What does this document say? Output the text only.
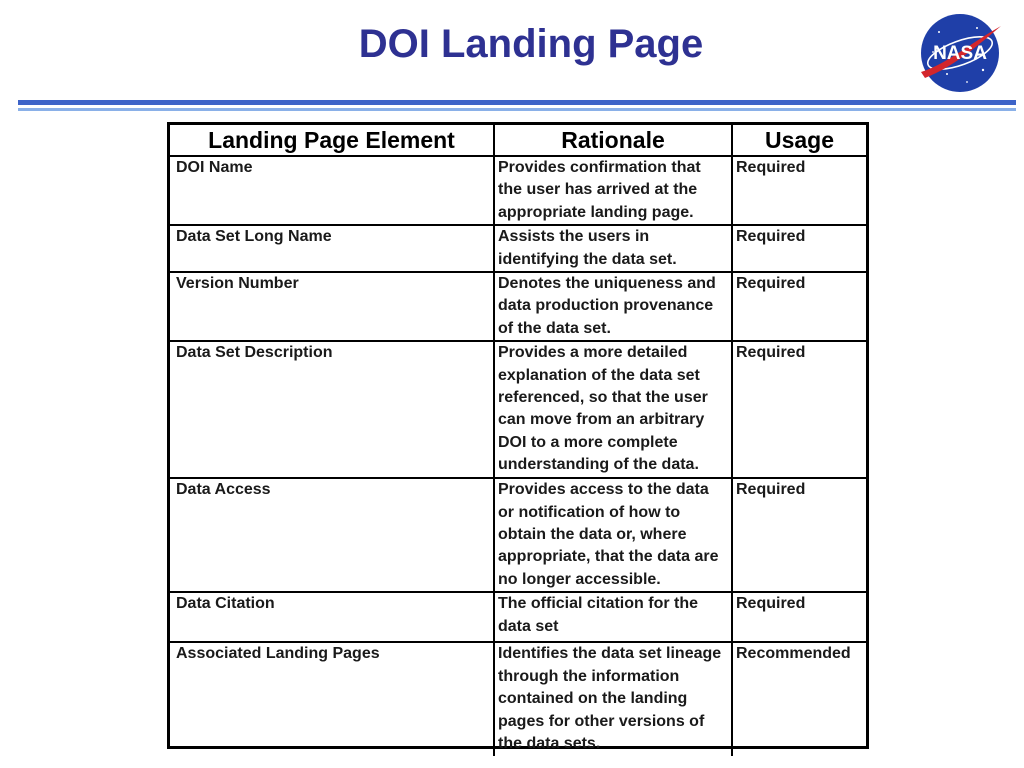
DOI Landing Page	NASA
Landing Page Element	Rationale	Usage
DOI Name	Provides confirmation that the user has arrived at the appropriate landing page.	Required
Data Set Long Name	Assists the users in identifying the data set.	Required
Version Number	Denotes the uniqueness and data production provenance of the data set.	Required
Data Set Description	Provides a more detailed explanation of the data set referenced, so that the user can move from an arbitrary DOI to a more complete understanding of the data.	Required
Data Access	Provides access to the data or notification of how to obtain the data or, where appropriate, that the data are no longer accessible.	Required
Data Citation	The official citation for the data set	Required
Associated Landing Pages	Identifies the data set lineage through the information contained on the landing pages for other versions of the data sets.	Recommended
